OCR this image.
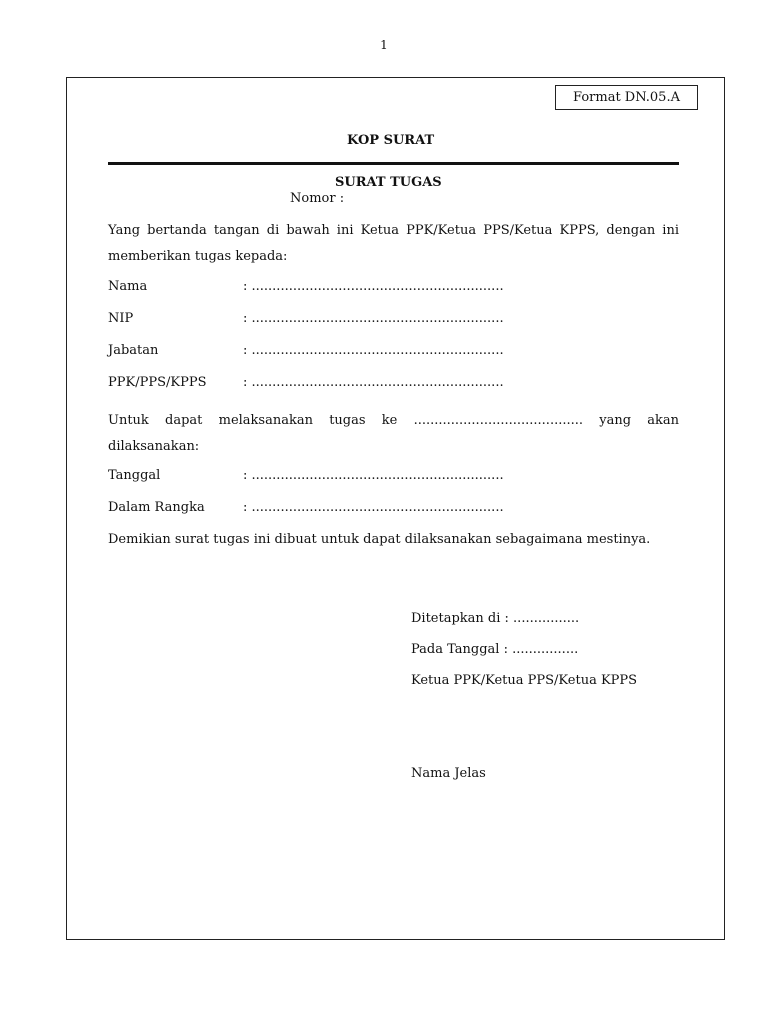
1
Format DN.05.A
KOP SURAT
SURAT TUGAS
Nomor :
Yang bertanda tangan di bawah ini Ketua PPK/Ketua PPS/Ketua KPPS, dengan ini memberikan tugas kepada:
Nama	: .............................................................
NIP	: .............................................................
Jabatan	: .............................................................
PPK/PPS/KPPS	: .............................................................
Untuk dapat melaksanakan tugas ke ......................................... yang akan dilaksanakan:
Tanggal	: .............................................................
Dalam Rangka	: .............................................................
Demikian surat tugas ini dibuat untuk dapat dilaksanakan sebagaimana mestinya.
Ditetapkan di : ................
Pada Tanggal : ................
Ketua PPK/Ketua PPS/Ketua KPPS
Nama Jelas
